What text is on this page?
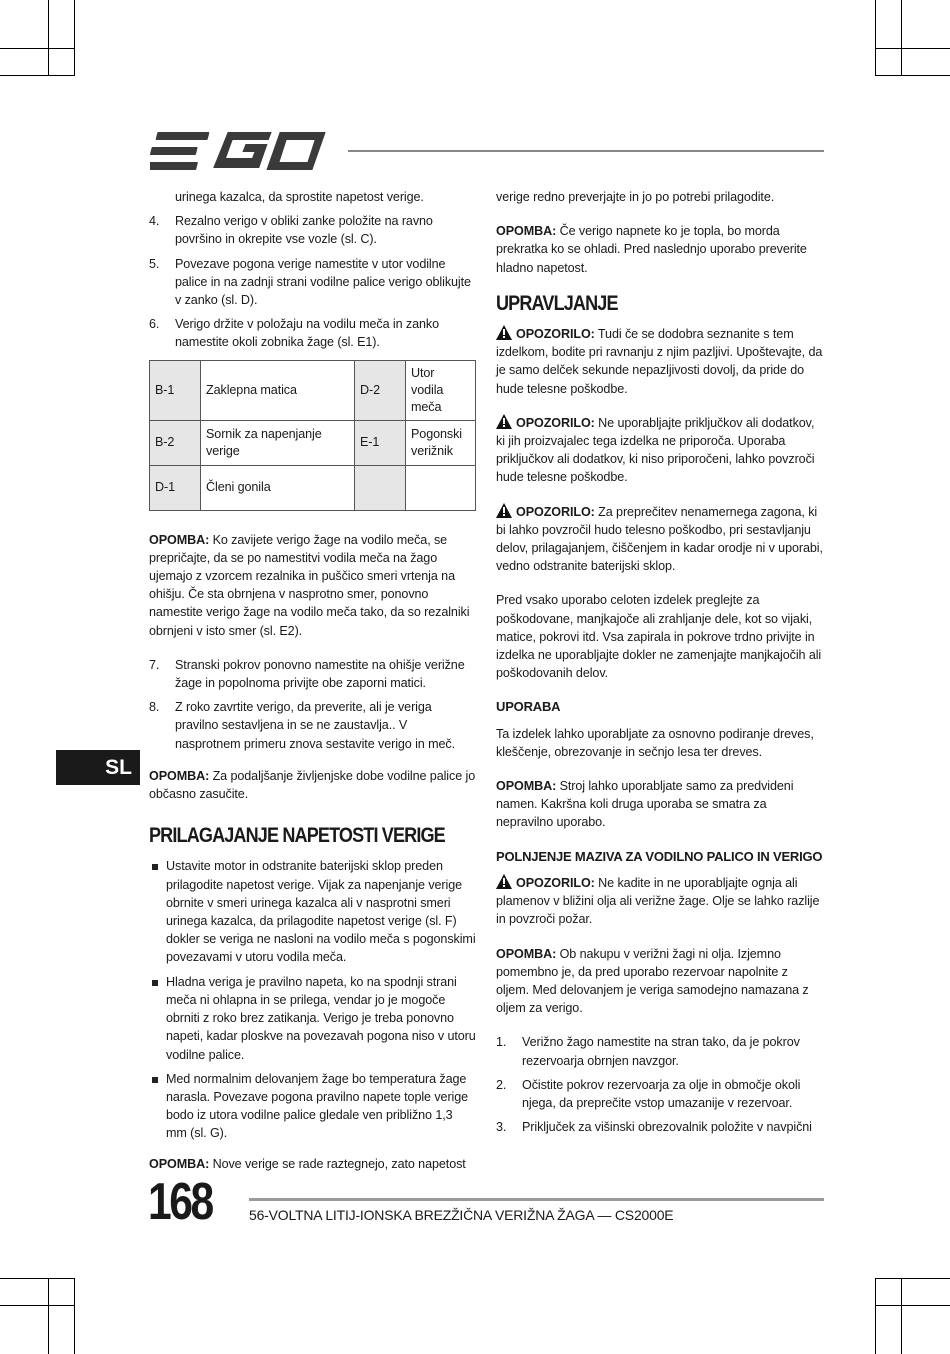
urinega kazalca, da sprostite napetost verige.

4. Rezalno verigo v obliki zanke položite na ravno površino in okrepite vse vozle (sl. C).
5. Povezave pogona verige namestite v utor vodilne palice in na zadnji strani vodilne palice verigo oblikujte v zanko (sl. D).
6. Verigo držite v položaju na vodilu meča in zanko namestite okoli zobnika žage (sl. E1).
B-1	Zaklepna matica	D-2	Utor vodila meča
B-2	Sornik za napenjanje verige	E-1	Pogonski verižnik
D-1	Členi gonila		

OPOMBA: Ko zavijete verigo žage na vodilo meča, se prepričajte, da se po namestitvi vodila meča na žago ujemajo z vzorcem rezalnika in puščico smeri vrtenja na ohišju. Če sta obrnjena v nasprotno smer, ponovno namestite verigo žage na vodilo meča tako, da so rezalniki obrnjeni v isto smer (sl. E2).

7. Stranski pokrov ponovno namestite na ohišje verižne žage in popolnoma privijte obe zaporni matici.
8. Z roko zavrtite verigo, da preverite, ali je veriga pravilno sestavljena in se ne zaustavlja.. V nasprotnem primeru znova sestavite verigo in meč.

OPOMBA: Za podaljšanje življenjske dobe vodilne palice jo občasno zasučite.

PRILAGAJANJE NAPETOSTI VERIGE
Ustavite motor in odstranite baterijski sklop preden prilagodite napetost verige. Vijak za napenjanje verige obrnite v smeri urinega kazalca ali v nasprotni smeri urinega kazalca, da prilagodite napetost verige (sl. F) dokler se veriga ne nasloni na vodilo meča s pogonskimi povezavami v utoru vodila meča.
Hladna veriga je pravilno napeta, ko na spodnji strani meča ni ohlapna in se prilega, vendar jo je mogoče obrniti z roko brez zatikanja. Verigo je treba ponovno napeti, kadar ploskve na povezavah pogona niso v utoru vodilne palice.
Med normalnim delovanjem žage bo temperatura žage narasla. Povezave pogona pravilno napete tople verige bodo iz utora vodilne palice gledale ven približno 1,3 mm (sl. G).

OPOMBA: Nove verige se rade raztegnejo, zato napetost

verige redno preverjajte in jo po potrebi prilagodite.

OPOMBA: Če verigo napnete ko je topla, bo morda prekratka ko se ohladi. Pred naslednjo uporabo preverite hladno napetost.

UPRAVLJANJE

OPOZORILO: Tudi če se dodobra seznanite s tem izdelkom, bodite pri ravnanju z njim pazljivi. Upoštevajte, da je samo delček sekunde nepazljivosti dovolj, da pride do hude telesne poškodbe.

OPOZORILO: Ne uporabljajte priključkov ali dodatkov, ki jih proizvajalec tega izdelka ne priporoča. Uporaba priključkov ali dodatkov, ki niso priporočeni, lahko povzroči hude telesne poškodbe.

OPOZORILO: Za preprečitev nenamernega zagona, ki bi lahko povzročil hudo telesno poškodbo, pri sestavljanju delov, prilagajanjem, čiščenjem in kadar orodje ni v uporabi, vedno odstranite baterijski sklop.

Pred vsako uporabo celoten izdelek preglejte za poškodovane, manjkajoče ali zrahljanje dele, kot so vijaki, matice, pokrovi itd. Vsa zapirala in pokrove trdno privijte in izdelka ne uporabljajte dokler ne zamenjajte manjkajočih ali poškodovanih delov.

UPORABA

Ta izdelek lahko uporabljate za osnovno podiranje dreves, kleščenje, obrezovanje in sečnjo lesa ter dreves.

OPOMBA: Stroj lahko uporabljate samo za predvideni namen. Kakršna koli druga uporaba se smatra za nepravilno uporabo.

POLNJENJE MAZIVA ZA VODILNO PALICO IN VERIGO

OPOZORILO: Ne kadite in ne uporabljajte ognja ali plamenov v bližini olja ali verižne žage. Olje se lahko razlije in povzroči požar.

OPOMBA: Ob nakupu v verižni žagi ni olja. Izjemno pomembno je, da pred uporabo rezervoar napolnite z oljem. Med delovanjem je veriga samodejno namazana z oljem za verigo.

1. Verižno žago namestite na stran tako, da je pokrov rezervoarja obrnjen navzgor.
2. Očistite pokrov rezervoarja za olje in območje okoli njega, da preprečite vstop umazanije v rezervoar.
3. Priključek za višinski obrezovalnik položite v navpični
SL
168	56-VOLTNA LITIJ-IONSKA BREZŽIČNA VERIŽNA ŽAGA — CS2000E
